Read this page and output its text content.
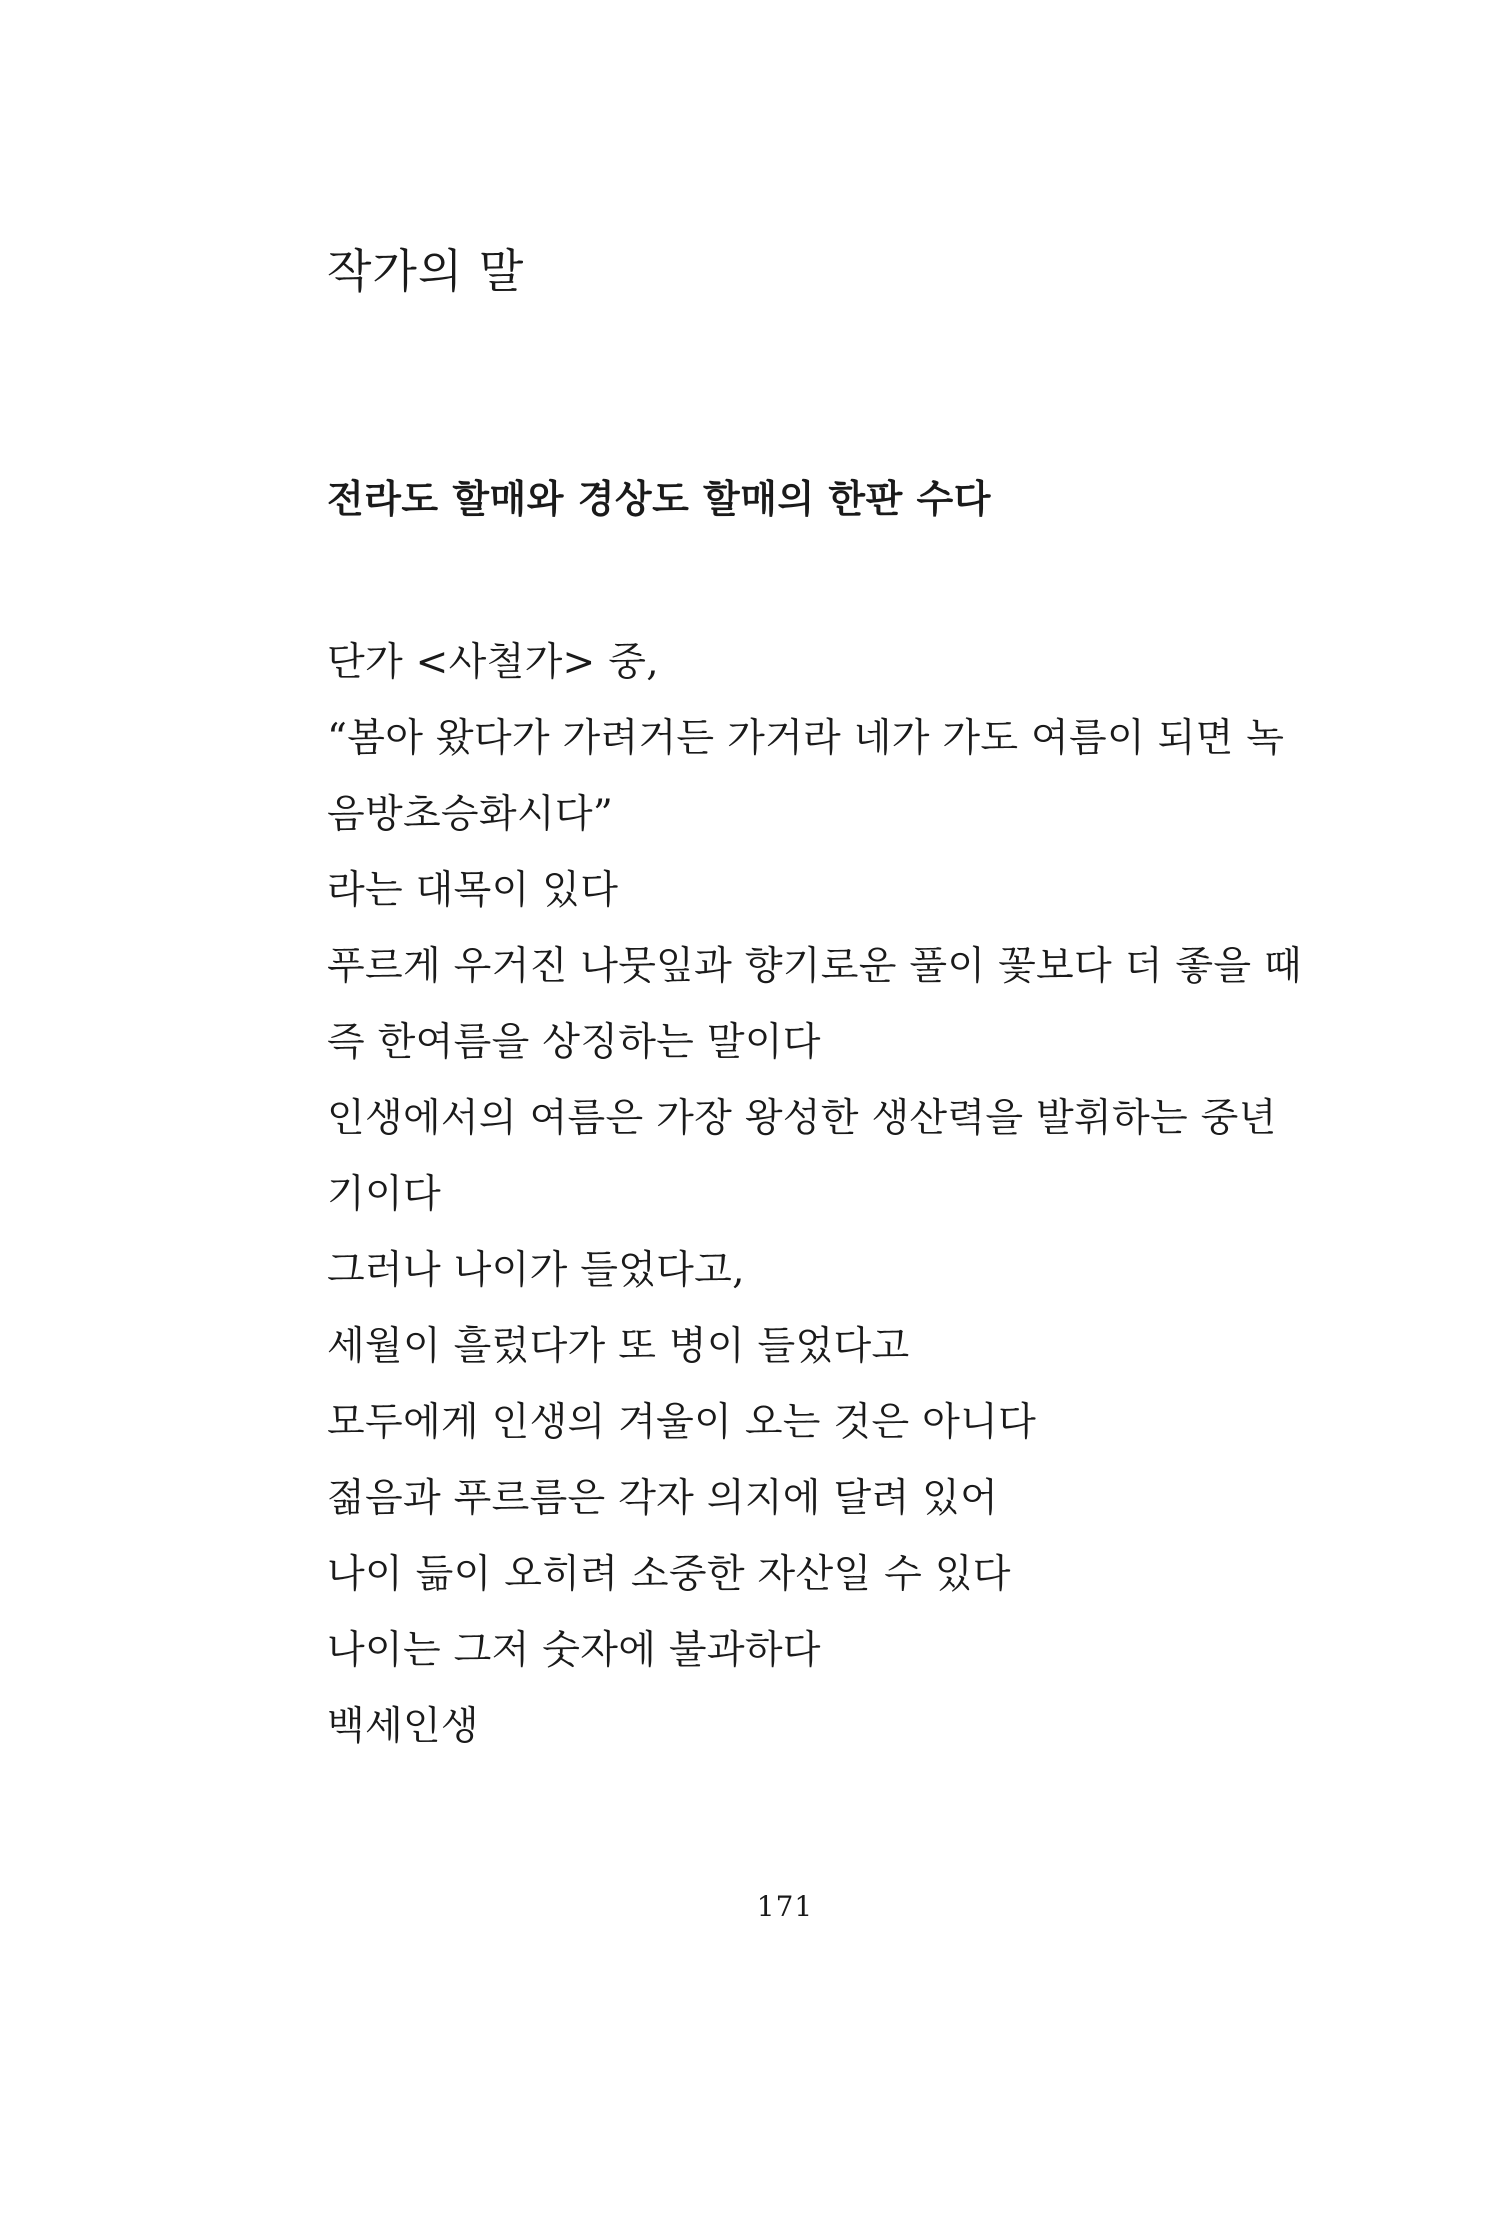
작가의 말
전라도 할매와 경상도 할매의 한판 수다
단가 <사철가> 중,
“봄아 왔다가 가려거든 가거라 네가 가도 여름이 되면 녹
음방초승화시다”
라는 대목이 있다
푸르게 우거진 나뭇잎과 향기로운 풀이 꽃보다 더 좋을 때
즉 한여름을 상징하는 말이다
인생에서의 여름은 가장 왕성한 생산력을 발휘하는 중년
기이다
그러나 나이가 들었다고,
세월이 흘렀다가 또 병이 들었다고
모두에게 인생의 겨울이 오는 것은 아니다
젊음과 푸르름은 각자 의지에 달려 있어
나이 듦이 오히려 소중한 자산일 수 있다
나이는 그저 숫자에 불과하다
백세인생
171
